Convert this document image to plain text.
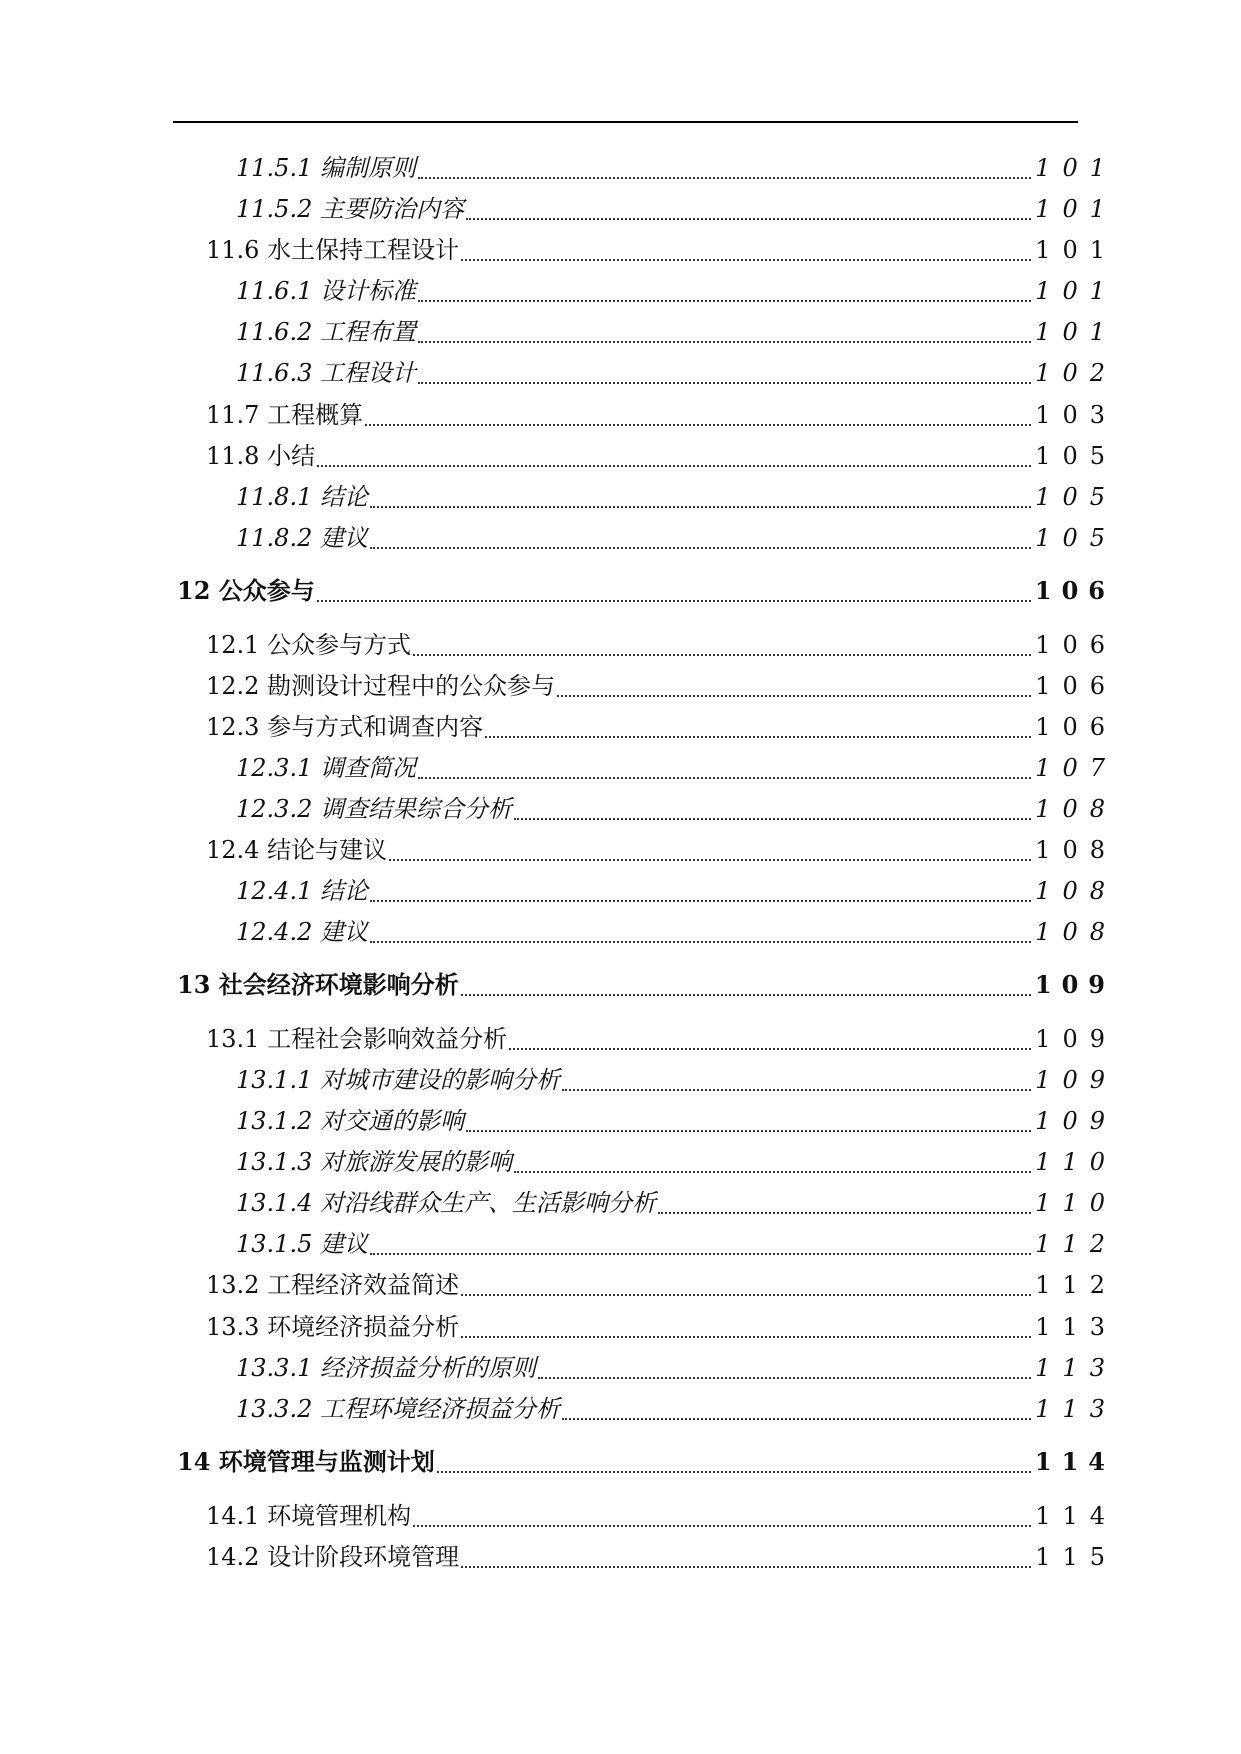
11.5.1 编制原则	101
11.5.2 主要防治内容	101
11.6 水土保持工程设计	101
11.6.1 设计标准	101
11.6.2 工程布置	101
11.6.3 工程设计	102
11.7 工程概算	103
11.8 小结	105
11.8.1 结论	105
11.8.2 建议	105
12 公众参与	106
12.1 公众参与方式	106
12.2 勘测设计过程中的公众参与	106
12.3 参与方式和调查内容	106
12.3.1 调查简况	107
12.3.2 调查结果综合分析	108
12.4 结论与建议	108
12.4.1 结论	108
12.4.2 建议	108
13 社会经济环境影响分析	109
13.1 工程社会影响效益分析	109
13.1.1 对城市建设的影响分析	109
13.1.2 对交通的影响	109
13.1.3 对旅游发展的影响	110
13.1.4 对沿线群众生产、生活影响分析	110
13.1.5 建议	112
13.2 工程经济效益简述	112
13.3 环境经济损益分析	113
13.3.1 经济损益分析的原则	113
13.3.2 工程环境经济损益分析	113
14 环境管理与监测计划	114
14.1 环境管理机构	114
14.2 设计阶段环境管理	115
